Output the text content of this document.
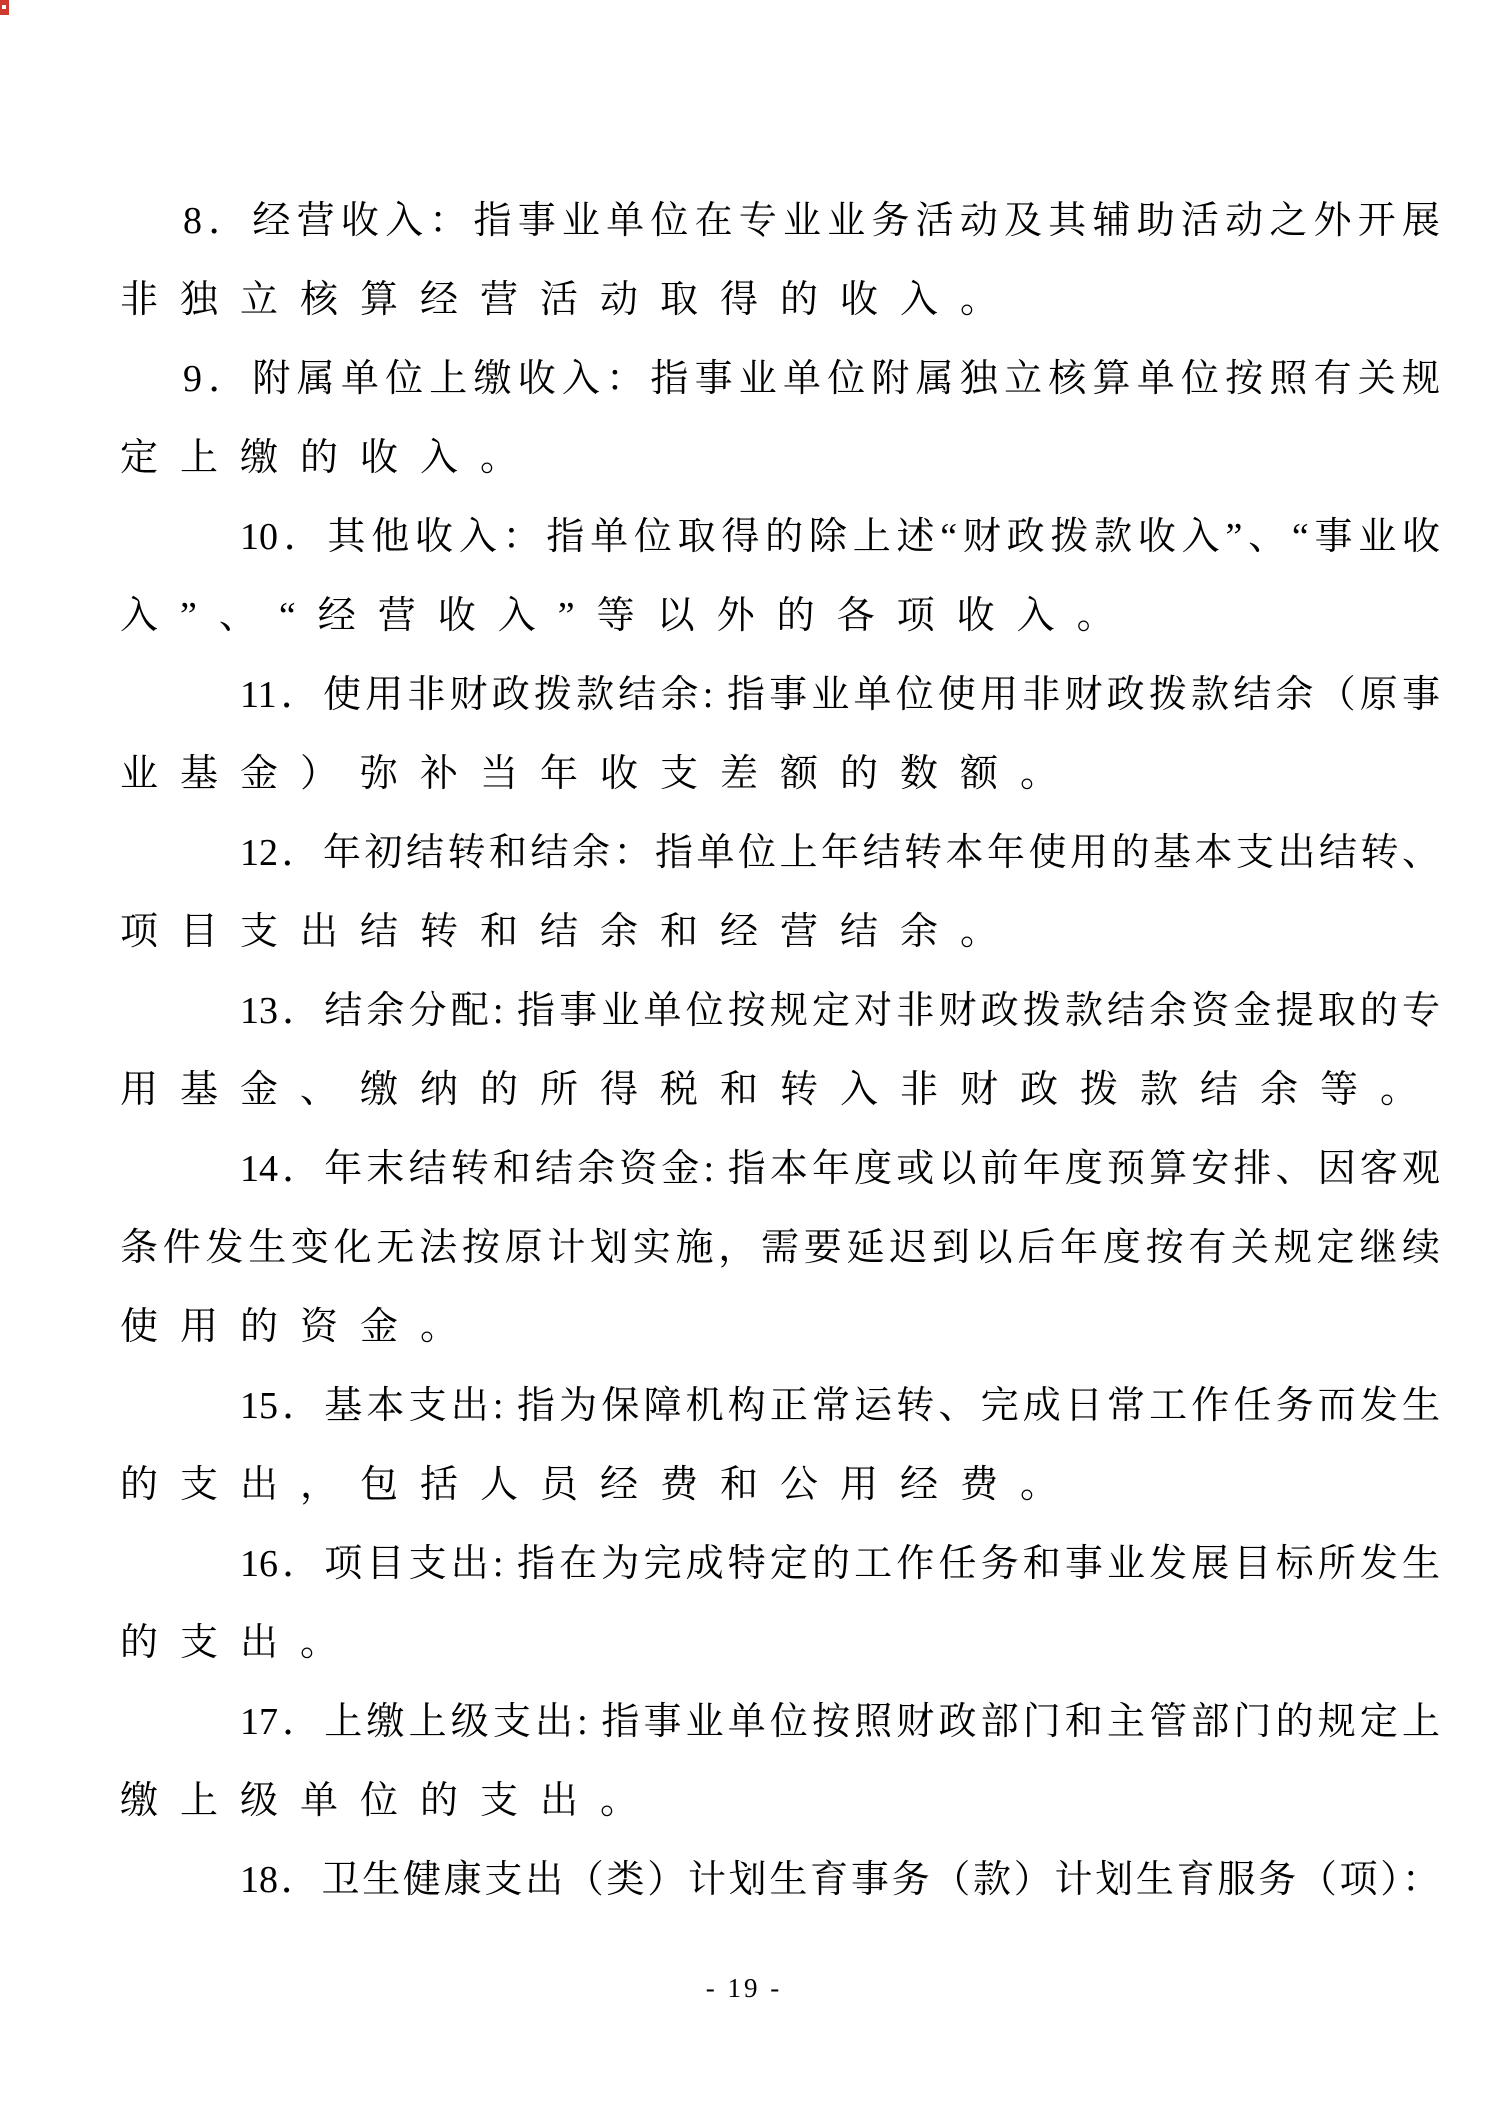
8．经营收入：指事业单位在专业业务活动及其辅助活动之外开展
非独立核算经营活动取得的收入。
9．附属单位上缴收入：指事业单位附属独立核算单位按照有关规
定上缴的收入。
10．其他收入：指单位取得的除上述“财政拨款收入”、“事业收
入”、“经营收入”等以外的各项收入。
11．使用非财政拨款结余: 指事业单位使用非财政拨款结余（原事
业基金）弥补当年收支差额的数额。
12．年初结转和结余：指单位上年结转本年使用的基本支出结转、
项目支出结转和结余和经营结余。
13．结余分配: 指事业单位按规定对非财政拨款结余资金提取的专
用基金、缴纳的所得税和转入非财政拨款结余等。
14．年末结转和结余资金: 指本年度或以前年度预算安排、因客观
条件发生变化无法按原计划实施，需要延迟到以后年度按有关规定继续
使用的资金。
15．基本支出: 指为保障机构正常运转、完成日常工作任务而发生
的支出，包括人员经费和公用经费。
16．项目支出: 指在为完成特定的工作任务和事业发展目标所发生
的支出。
17．上缴上级支出: 指事业单位按照财政部门和主管部门的规定上
缴上级单位的支出。
18．卫生健康支出（类）计划生育事务（款）计划生育服务（项）：
- 19 -
